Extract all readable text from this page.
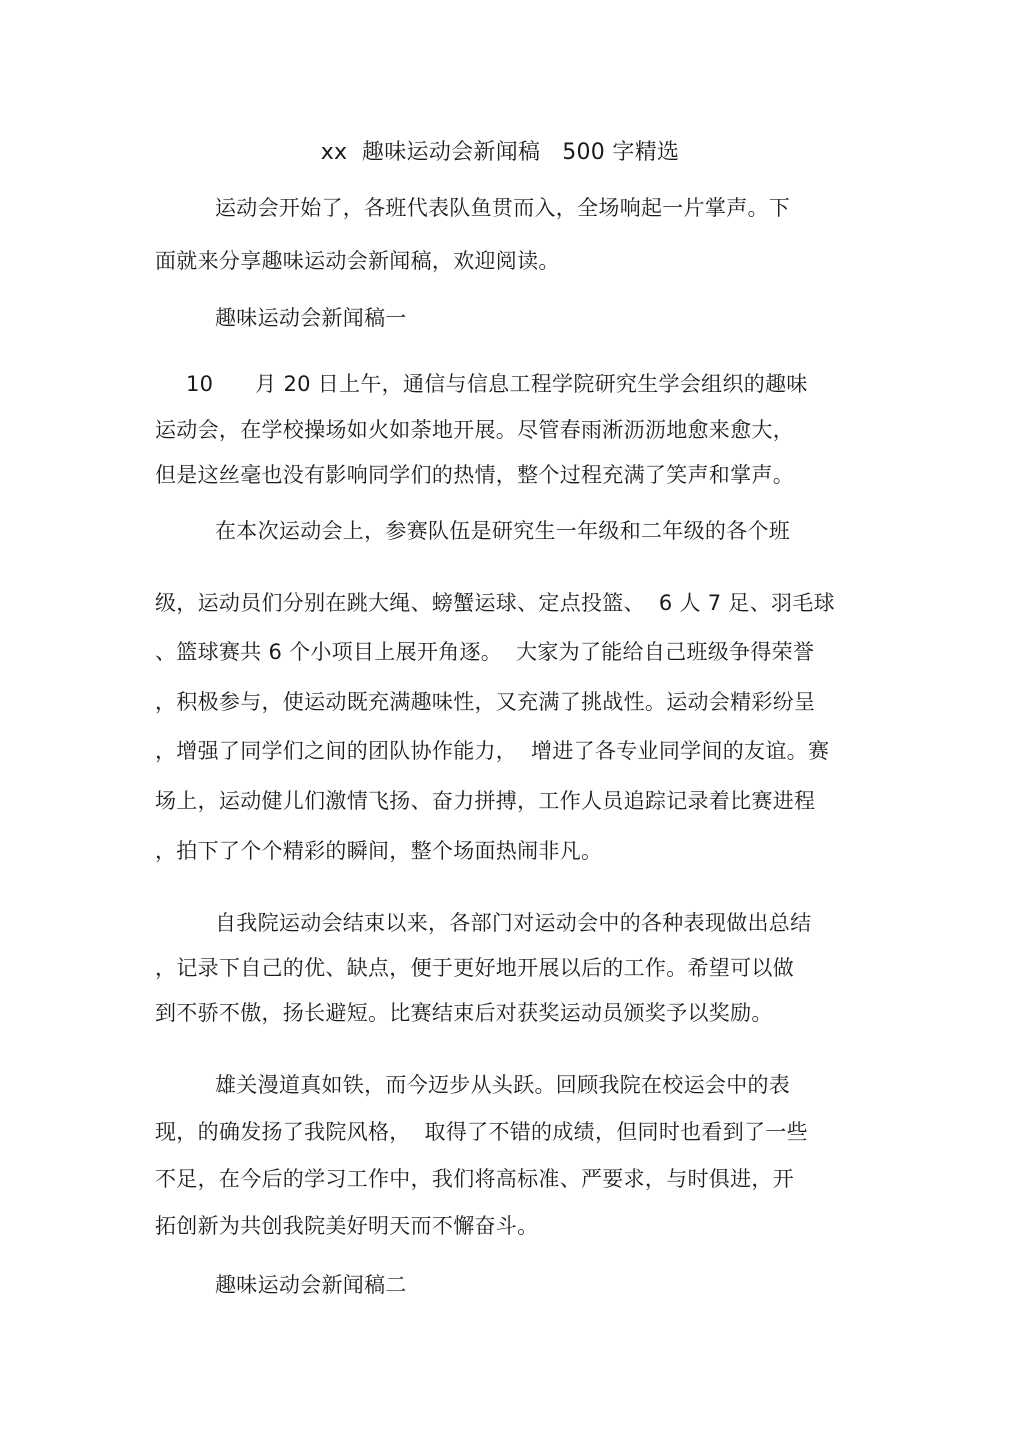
xx  趣味运动会新闻稿   500 字精选

运动会开始了，各班代表队鱼贯而入，全场响起一片掌声。下

面就来分享趣味运动会新闻稿，欢迎阅读。

趣味运动会新闻稿一

10      月 20 日上午，通信与信息工程学院研究生学会组织的趣味

运动会，在学校操场如火如荼地开展。尽管春雨淅沥沥地愈来愈大，

但是这丝毫也没有影响同学们的热情，整个过程充满了笑声和掌声。

在本次运动会上，参赛队伍是研究生一年级和二年级的各个班

级，运动员们分别在跳大绳、螃蟹运球、定点投篮、  6 人 7 足、羽毛球

、篮球赛共 6 个小项目上展开角逐。  大家为了能给自己班级争得荣誉

，积极参与，使运动既充满趣味性，又充满了挑战性。运动会精彩纷呈

，增强了同学们之间的团队协作能力，  增进了各专业同学间的友谊。赛

场上，运动健儿们激情飞扬、奋力拼搏，工作人员追踪记录着比赛进程

，拍下了个个精彩的瞬间，整个场面热闹非凡。

自我院运动会结束以来，各部门对运动会中的各种表现做出总结

，记录下自己的优、缺点，便于更好地开展以后的工作。希望可以做

到不骄不傲，扬长避短。比赛结束后对获奖运动员颁奖予以奖励。

雄关漫道真如铁，而今迈步从头跃。回顾我院在校运会中的表

现，的确发扬了我院风格，  取得了不错的成绩，但同时也看到了一些

不足，在今后的学习工作中，我们将高标准、严要求，与时俱进，开

拓创新为共创我院美好明天而不懈奋斗。

趣味运动会新闻稿二
